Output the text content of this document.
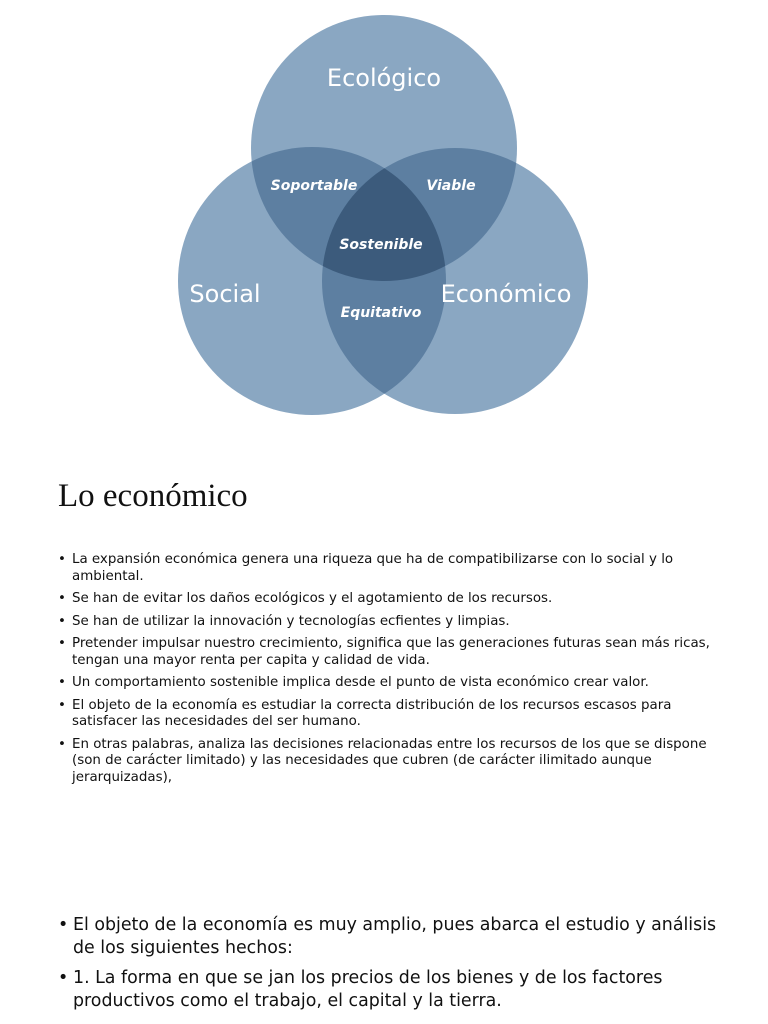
Ecológico
Social	Económico
Soportable	Viable
Sostenible
Equitativo
Lo económico
• La expansión económica genera una riqueza que ha de compatibilizarse con lo social y lo ambiental.
• Se han de evitar los daños ecológicos y el agotamiento de los recursos.
• Se han de utilizar la innovación y tecnologías ecfientes y limpias.
• Pretender impulsar nuestro crecimiento, significa que las generaciones futuras sean más ricas, tengan una mayor renta per capita y calidad de vida.
• Un comportamiento sostenible implica desde el punto de vista económico crear valor.
• El objeto de la economía es estudiar la correcta distribución de los recursos escasos para satisfacer las necesidades del ser humano.
• En otras palabras, analiza las decisiones relacionadas entre los recursos de los que se dispone (son de carácter limitado) y las necesidades que cubren (de carácter ilimitado aunque jerarquizadas),
• El objeto de la economía es muy amplio, pues abarca el estudio y análisis de los siguientes hechos:
• 1. La forma en que se jan los precios de los bienes y de los factores productivos como el trabajo, el capital y la tierra.
